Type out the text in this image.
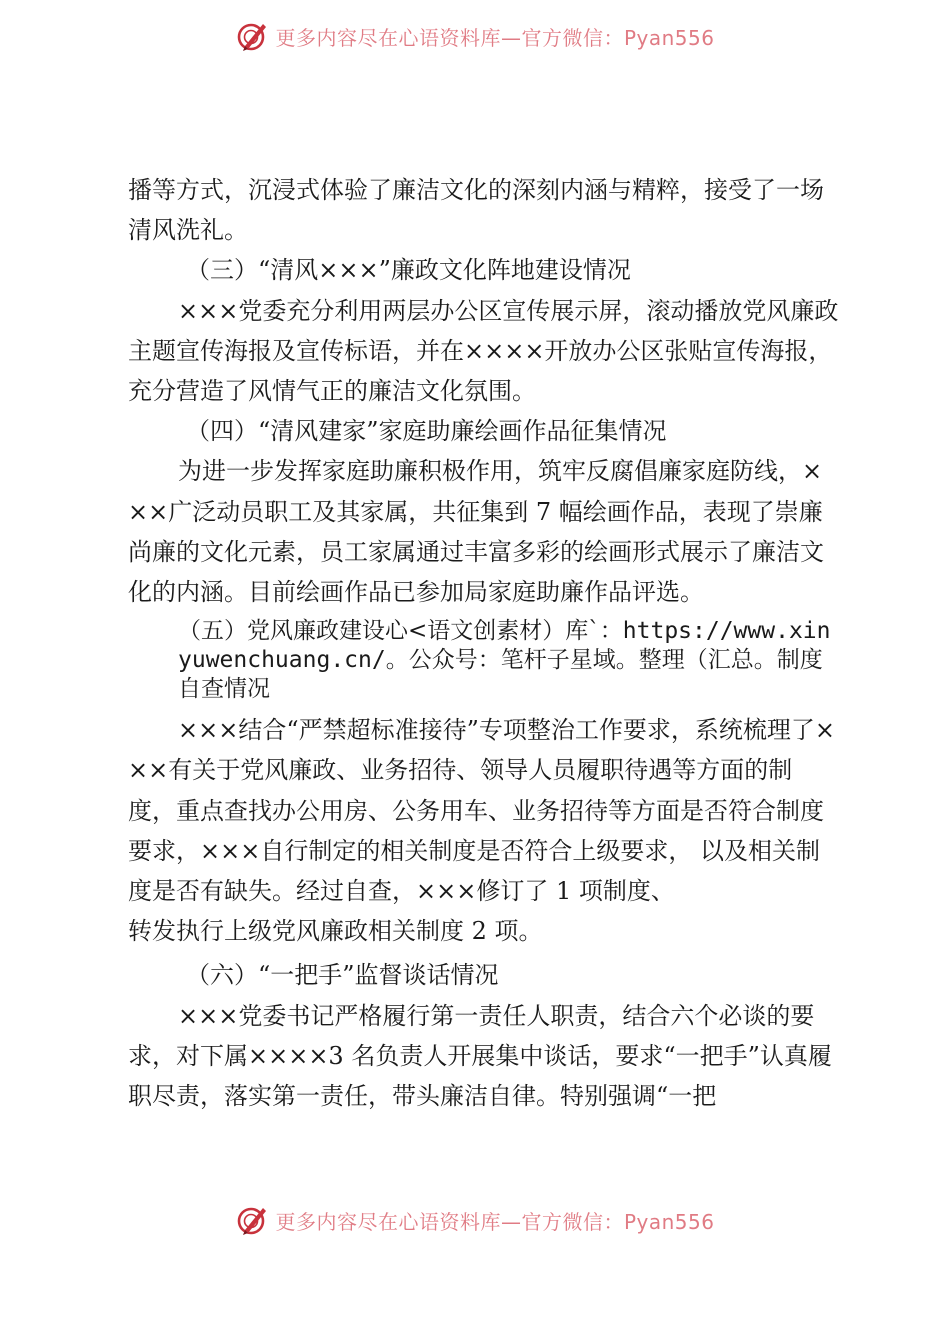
更多内容尽在心语资料库—官方微信：Pyan556

播等方式，沉浸式体验了廉洁文化的深刻内涵与精粹，接受了一场清风洗礼。

（三）“清风×××”廉政文化阵地建设情况

×××党委充分利用两层办公区宣传展示屏，滚动播放党风廉政主题宣传海报及宣传标语，并在××××开放办公区张贴宣传海报，充分营造了风情气正的廉洁文化氛围。

（四）“清风建家”家庭助廉绘画作品征集情况

为进一步发挥家庭助廉积极作用，筑牢反腐倡廉家庭防线，×××广泛动员职工及其家属，共征集到 7 幅绘画作品，表现了崇廉尚廉的文化元素，员工家属通过丰富多彩的绘画形式展示了廉洁文化的内涵。目前绘画作品已参加局家庭助廉作品评选。

（五）党风廉政建设心<语文创素材）库`：https://www.xinyuwenchuang.cn/。公众号：笔杆子星域。整理（汇总。制度自查情况

×××结合“严禁超标准接待”专项整治工作要求，系统梳理了×××有关于党风廉政、业务招待、领导人员履职待遇等方面的制度，重点查找办公用房、公务用车、业务招待等方面是否符合制度要求，×××自行制定的相关制度是否符合上级要求， 以及相关制度是否有缺失。经过自查，×××修订了 1 项制度、

转发执行上级党风廉政相关制度 2 项。

（六）“一把手”监督谈话情况

×××党委书记严格履行第一责任人职责，结合六个必谈的要求，对下属××××3 名负责人开展集中谈话，要求“一把手”认真履职尽责，落实第一责任，带头廉洁自律。特别强调“一把

更多内容尽在心语资料库—官方微信：Pyan556
